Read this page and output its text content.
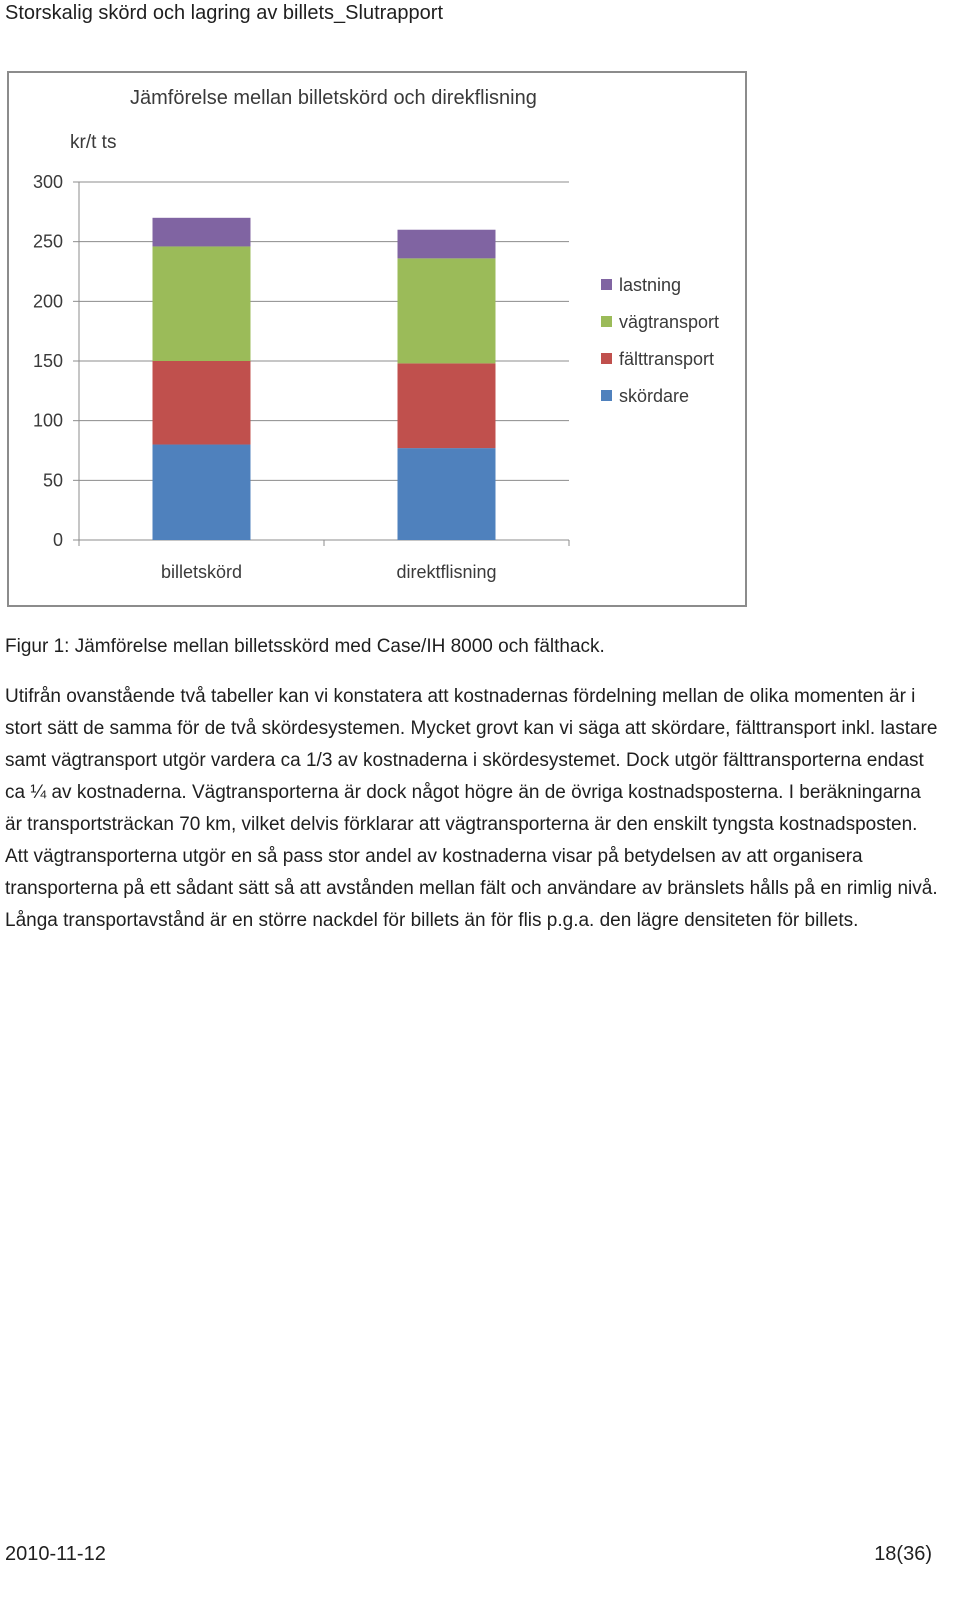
Storskalig skörd och lagring av billets_Slutrapport
0
50
100
150
200
250
300
billetskörd	direktflisning
lastning
vägtransport
fälttransport
skördare
Jämförelse mellan billetskörd och direkflisning
kr/t ts
Figur 1: Jämförelse mellan billetsskörd med Case/IH 8000 och fälthack.

Utifrån ovanstående två tabeller kan vi konstatera att kostnadernas fördelning mellan de olika momenten är i stort sätt de samma för de två skördesystemen. Mycket grovt kan vi säga att skördare, fälttransport inkl. lastare samt vägtransport utgör vardera ca 1/3 av kostnaderna i skördesystemet. Dock utgör fälttransporterna endast ca ¼ av kostnaderna. Vägtransporterna är dock något högre än de övriga kostnadsposterna. I beräkningarna är transportsträckan 70 km, vilket delvis förklarar att vägtransporterna är den enskilt tyngsta kostnadsposten. Att vägtransporterna utgör en så pass stor andel av kostnaderna visar på betydelsen av att organisera transporterna på ett sådant sätt så att avstånden mellan fält och användare av bränslets hålls på en rimlig nivå. Långa transportavstånd är en större nackdel för billets än för flis p.g.a. den lägre densiteten för billets.

2010-11-12	18(36)
